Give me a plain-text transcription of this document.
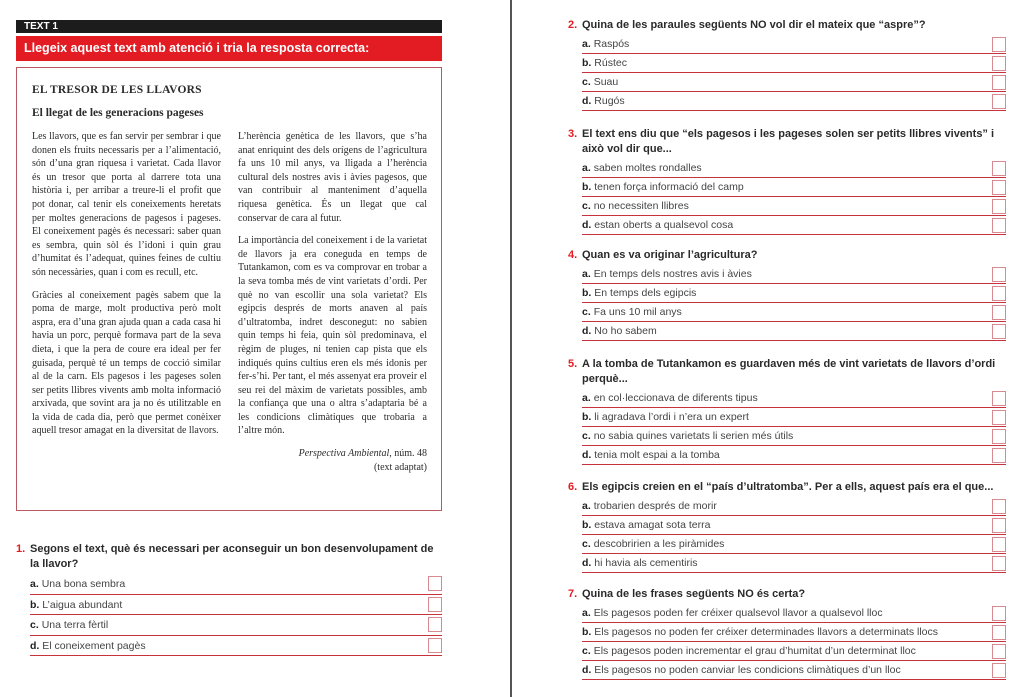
TEXT 1
Llegeix aquest text amb atenció i tria la resposta correcta:
EL TRESOR DE LES LLAVORS
El llegat de les generacions pageses

Les llavors, que es fan servir per sembrar i que donen els fruits necessaris per a l’alimentació, són d’una gran riquesa i varietat. Cada llavor és un tresor que porta al darrere tota una història i, per arribar a treure-li el profit que pot donar, cal tenir els coneixements heretats per moltes generacions de pagesos i pageses. El coneixement pagès és necessari: saber quan es sembra, quin sòl és l’idoni i quin grau d’humitat és l’adequat, quines feines de cultiu són necessàries, quan i com es recull, etc.

Gràcies al coneixement pagès sabem que la poma de marge, molt productiva però molt aspra, era d’una gran ajuda quan a cada casa hi havia un porc, perquè formava part de la seva dieta, i que la pera de coure era ideal per fer guisada, perquè té un temps de cocció similar al de la carn. Els pagesos i les pageses solen ser petits llibres vivents amb molta informació arxivada, que sovint ara ja no és utilitzable en la vida de cada dia, però que permet conèixer aquell tresor amagat en la diversitat de llavors.

L’herència genètica de les llavors, que s’ha anat enriquint des dels orígens de l’agricultura fa uns 10 mil anys, va lligada a l’herència cultural dels nostres avis i àvies pagesos, que van contribuir al manteniment d’aquella riquesa genètica. És un llegat que cal conservar de cara al futur.

La importància del coneixement i de la varietat de llavors ja era coneguda en temps de Tutankamon, com es va comprovar en trobar a la seva tomba més de vint varietats d’ordi. Per què no van escollir una sola varietat? Els egipcis després de morts anaven al país d’ultratomba, indret desconegut: no sabien quin temps hi feia, quin sòl predominava, el règim de pluges, ni tenien cap pista que els indiqués quins cultius eren els més idonis per fer-s’hi. Per tant, el més assenyat era proveir el seu rei del màxim de varietats possibles, amb la confiança que una o altra s’adaptaria bé a les condicions climàtiques que trobaria a l’altre món.

Perspectiva Ambiental, núm. 48
(text adaptat)
1. Segons el text, què és necessari per aconseguir un bon desenvolupament de la llavor?
a. Una bona sembra
b. L’aigua abundant
c. Una terra fèrtil
d. El coneixement pagès
2. Quina de les paraules següents NO vol dir el mateix que “aspre”?
a. Raspós
b. Rústec
c. Suau
d. Rugós
3. El text ens diu que “els pagesos i les pageses solen ser petits llibres vivents” i això vol dir que...
a. saben moltes rondalles
b. tenen força informació del camp
c. no necessiten llibres
d. estan oberts a qualsevol cosa
4. Quan es va originar l’agricultura?
a. En temps dels nostres avis i àvies
b. En temps dels egipcis
c. Fa uns 10 mil anys
d. No ho sabem
5. A la tomba de Tutankamon es guardaven més de vint varietats de llavors d’ordi perquè...
a. en col·leccionava de diferents tipus
b. li agradava l’ordi i n’era un expert
c. no sabia quines varietats li serien més útils
d. tenia molt espai a la tomba
6. Els egipcis creien en el “país d’ultratomba”. Per a ells, aquest país era el que...
a. trobarien després de morir
b. estava amagat sota terra
c. descobririen a les piràmides
d. hi havia als cementiris
7. Quina de les frases següents NO és certa?
a. Els pagesos poden fer créixer qualsevol llavor a qualsevol lloc
b. Els pagesos no poden fer créixer determinades llavors a determinats llocs
c. Els pagesos poden incrementar el grau d’humitat d’un determinat lloc
d. Els pagesos no poden canviar les condicions climàtiques d’un lloc
